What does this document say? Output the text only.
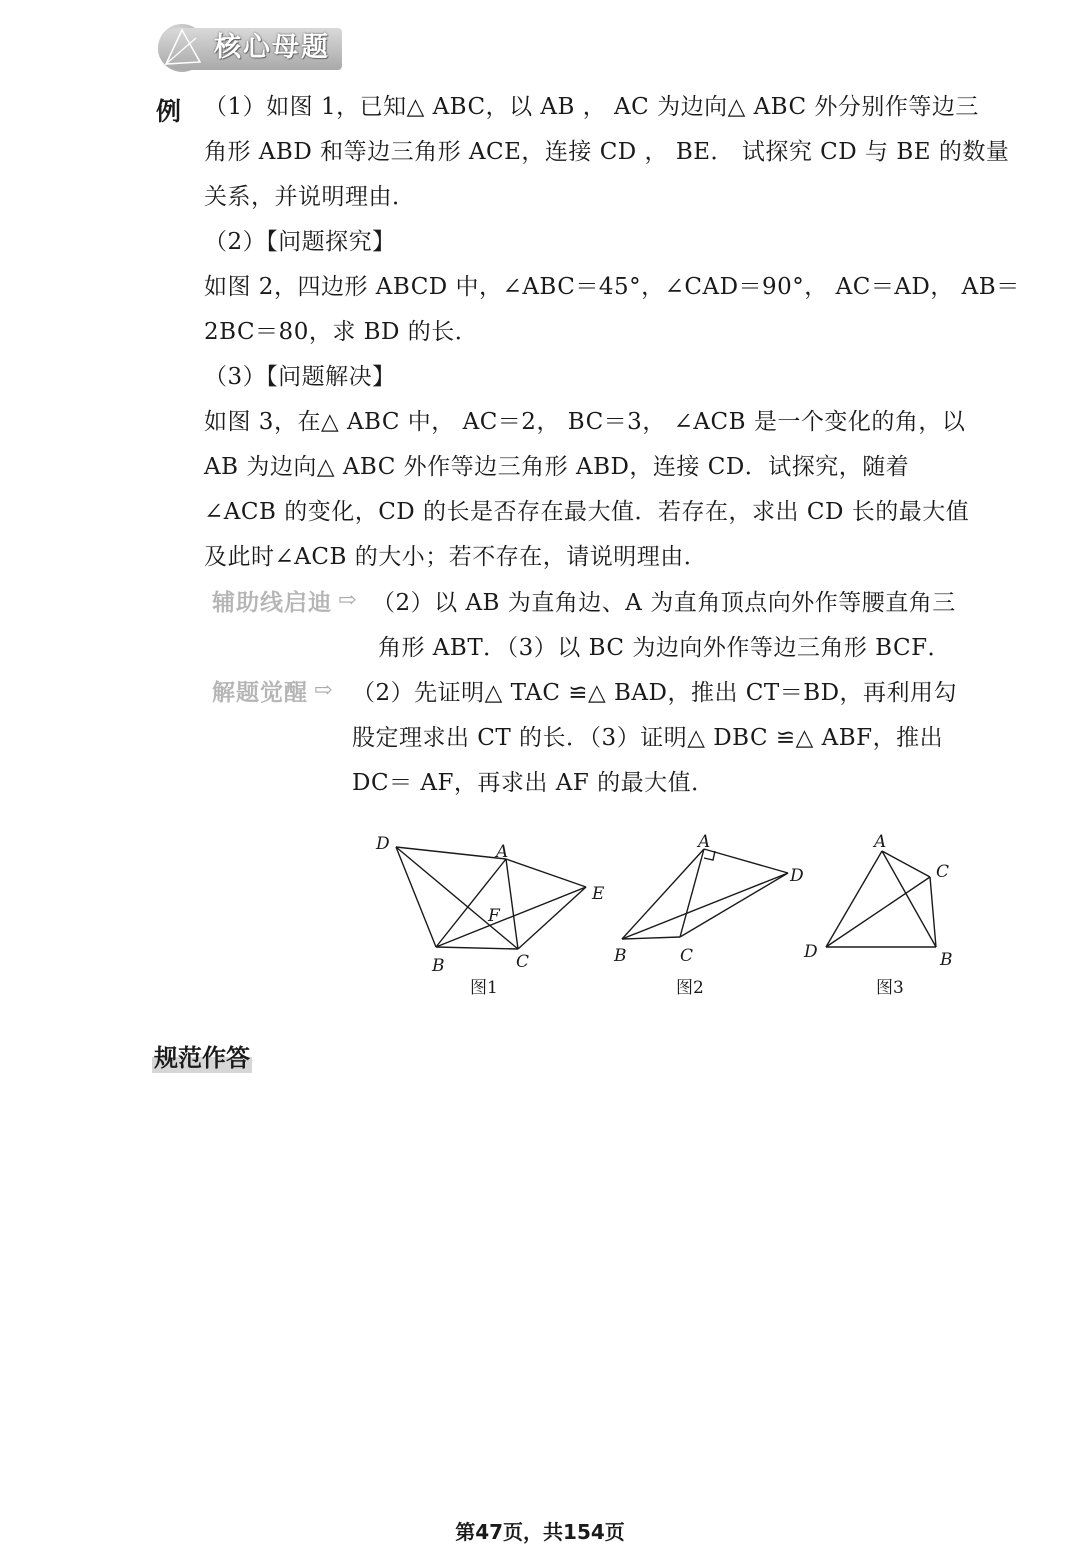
核心母题
例 （1）如图 1，已知△ ABC，以 AB ， AC 为边向△ ABC 外分别作等边三
角形 ABD 和等边三角形 ACE，连接 CD ， BE． 试探究 CD 与 BE 的数量
关系，并说明理由．
（2）【问题探究】
如图 2，四边形 ABCD 中，∠ABC＝45°，∠CAD＝90°， AC＝AD， AB＝
2BC＝80，求 BD 的长．
（3）【问题解决】
如图 3，在△ ABC 中， AC＝2， BC＝3， ∠ACB 是一个变化的角，以
AB 为边向△ ABC 外作等边三角形 ABD，连接 CD．试探究，随着
∠ACB 的变化，CD 的长是否存在最大值．若存在，求出 CD 长的最大值
及此时∠ACB 的大小；若不存在，请说明理由．
辅助线启迪 ⇨ （2）以 AB 为直角边、A 为直角顶点向外作等腰直角三
角形 ABT．（3）以 BC 为边向外作等边三角形 BCF．
解题觉醒 ⇨ （2）先证明△ TAC ≌△ BAD，推出 CT＝BD，再利用勾
股定理求出 CT 的长．（3）证明△ DBC ≌△ ABF，推出
DC＝ AF，再求出 AF 的最大值．
D	A
E
F
B	C
图1
A
D
B	C
图2
A
C
D	B
图3
规范作答
第47页，共154页
